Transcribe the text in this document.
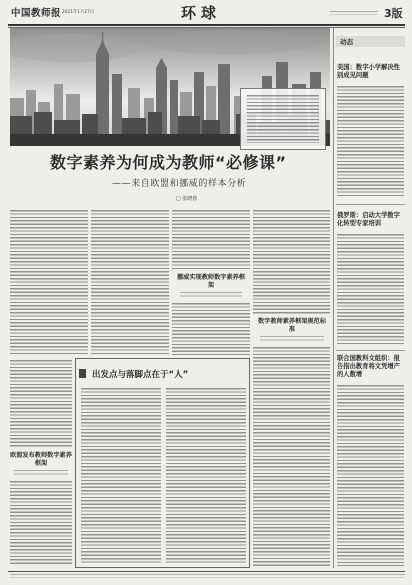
中国教师报 2021年1月27日	环球	3版
数字素养为何成为教师“必修课”
——来自欧盟和挪威的样本分析
□ 张晓蓉
挪威实现教师数字素养框架
数字教师素养框架规范标准
欧盟发布教师数字素养框架
出发点与落脚点在于“人”
动态
美国：数字小学解决性别成见问题
俄罗斯：启动大学数字化转型专家培训
联合国教科文组织：报告指出教育将文凭增产的人数增
